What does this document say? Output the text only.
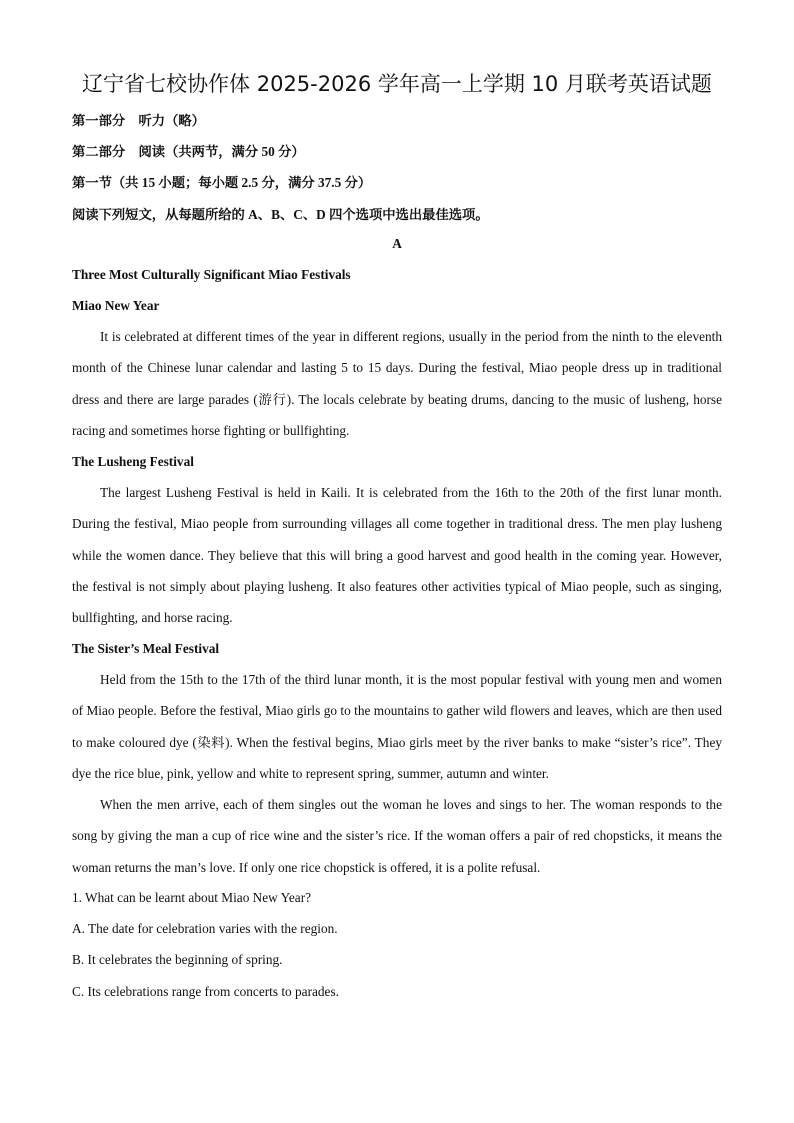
辽宁省七校协作体 2025-2026 学年高一上学期 10 月联考英语试题
第一部分　听力（略）
第二部分　阅读（共两节，满分 50 分）
第一节（共 15 小题；每小题 2.5 分，满分 37.5 分）
阅读下列短文，从每题所给的 A、B、C、D 四个选项中选出最佳选项。
A
Three Most Culturally Significant Miao Festivals
Miao New Year

It is celebrated at different times of the year in different regions, usually in the period from the ninth to the eleventh month of the Chinese lunar calendar and lasting 5 to 15 days. During the festival, Miao people dress up in traditional dress and there are large parades (游行). The locals celebrate by beating drums, dancing to the music of lusheng, horse racing and sometimes horse fighting or bullfighting.

The Lusheng Festival

The largest Lusheng Festival is held in Kaili. It is celebrated from the 16th to the 20th of the first lunar month. During the festival, Miao people from surrounding villages all come together in traditional dress. The men play lusheng while the women dance. They believe that this will bring a good harvest and good health in the coming year. However, the festival is not simply about playing lusheng. It also features other activities typical of Miao people, such as singing, bullfighting, and horse racing.

The Sister’s Meal Festival

Held from the 15th to the 17th of the third lunar month, it is the most popular festival with young men and women of Miao people. Before the festival, Miao girls go to the mountains to gather wild flowers and leaves, which are then used to make coloured dye (染料). When the festival begins, Miao girls meet by the river banks to make “sister’s rice”. They dye the rice blue, pink, yellow and white to represent spring, summer, autumn and winter.

When the men arrive, each of them singles out the woman he loves and sings to her. The woman responds to the song by giving the man a cup of rice wine and the sister’s rice. If the woman offers a pair of red chopsticks, it means the woman returns the man’s love. If only one rice chopstick is offered, it is a polite refusal.

1. What can be learnt about Miao New Year?
A. The date for celebration varies with the region.
B. It celebrates the beginning of spring.
C. Its celebrations range from concerts to parades.
